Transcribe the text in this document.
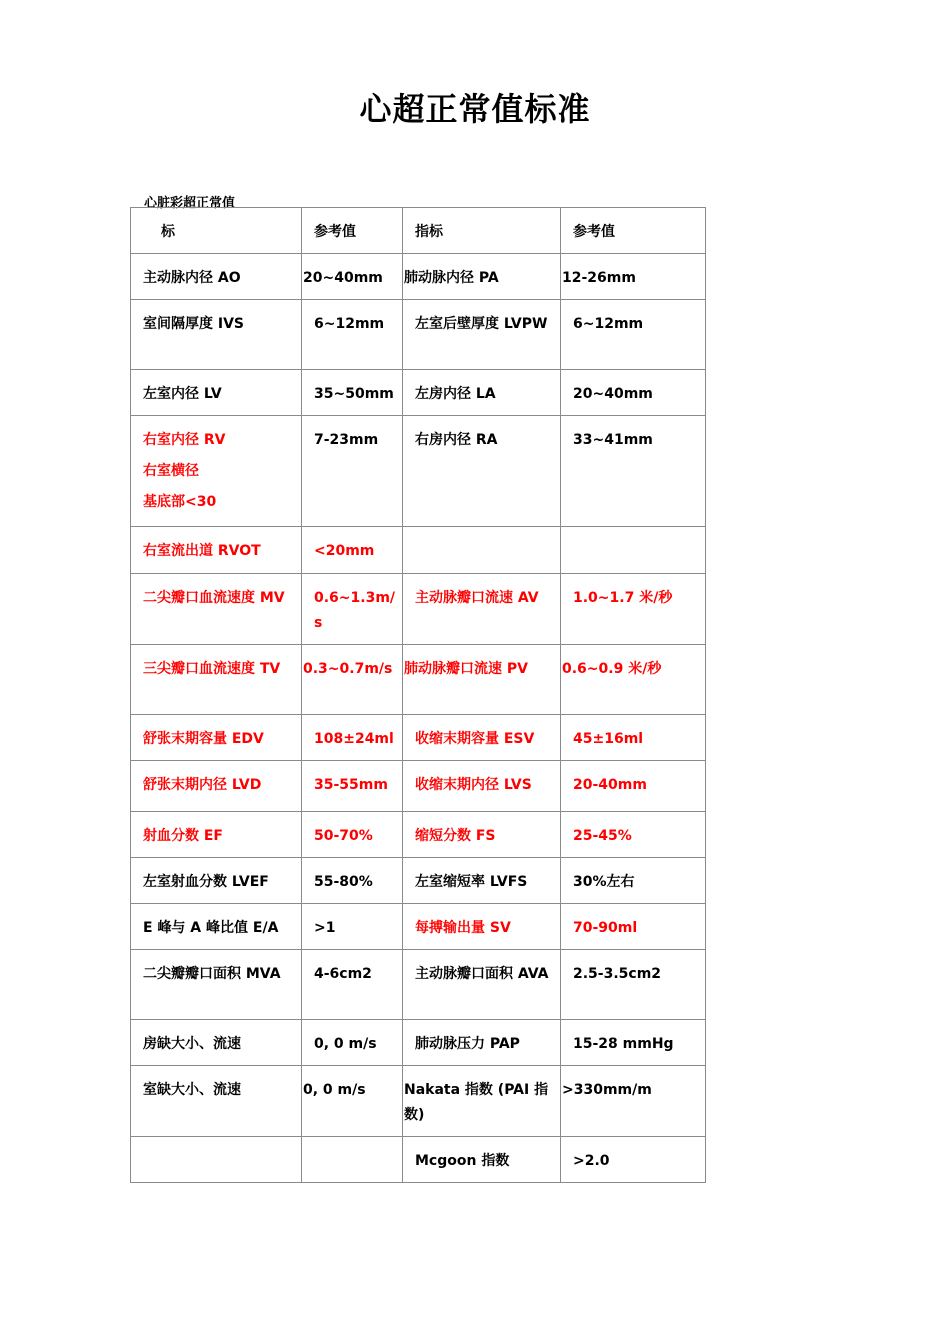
心超正常值标准
心脏彩超正常值
标	参考值	指标	参考值
主动脉内径 AO	20~40mm	肺动脉内径 PA	12-26mm
室间隔厚度 IVS	6~12mm	左室后壁厚度 LVPW	6~12mm
左室内径 LV	35~50mm	左房内径 LA	20~40mm

右室内径 RV
右室横径
基底部<30	7-23mm	右房内径 RA	33~41mm
右室流出道 RVOT	<20mm		
二尖瓣口血流速度 MV	0.6~1.3m/s	主动脉瓣口流速 AV	1.0~1.7 米/秒
三尖瓣口血流速度 TV	0.3~0.7m/s	肺动脉瓣口流速 PV	0.6~0.9 米/秒
舒张末期容量 EDV	108±24ml	收缩末期容量 ESV	45±16ml
舒张末期内径 LVD	35-55mm	收缩末期内径 LVS	20-40mm
射血分数 EF	50-70%	缩短分数 FS	25-45%
左室射血分数 LVEF	55-80%	左室缩短率 LVFS	30%左右
E 峰与 A 峰比值 E/A	>1	每搏输出量 SV	70-90ml
二尖瓣瓣口面积 MVA	4-6cm2	主动脉瓣口面积 AVA	2.5-3.5cm2
房缺大小、流速	0, 0 m/s	肺动脉压力 PAP	15-28 mmHg
室缺大小、流速	0, 0 m/s	Nakata 指数 (PAI 指数)	>330mm/m
		Mcgoon 指数	>2.0
